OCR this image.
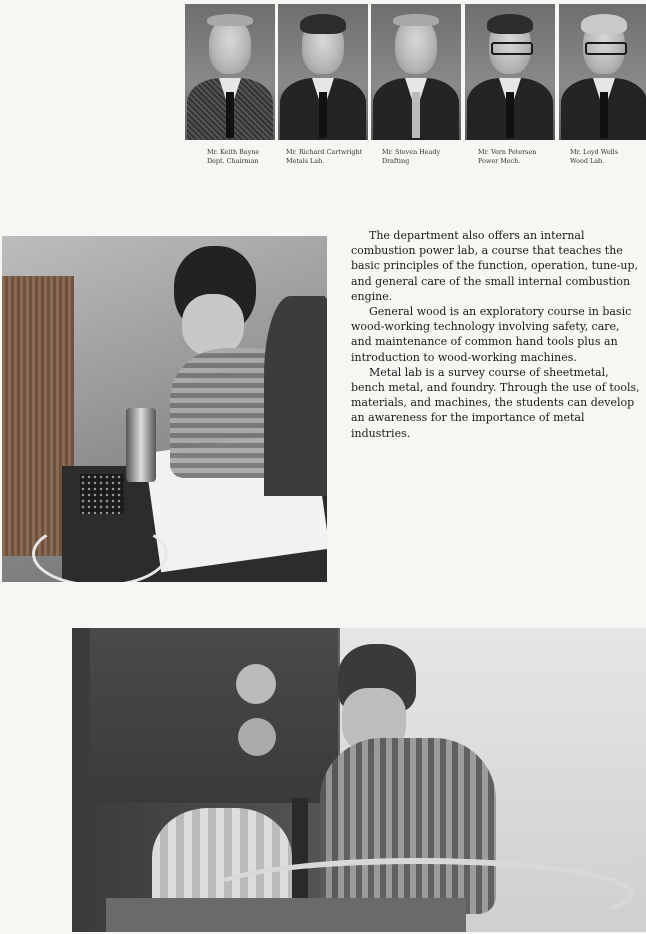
Mr. Keith Bayne
Dept. Chairman
Mr. Richard Cartwright
Metals Lab.
Mr. Steven Heady
Drafting
Mr. Vern Petersen
Power Mech.
Mr. Loyd Wells
Wood Lab.

The department also offers an internal combustion power lab, a course that teaches the basic principles of the function, operation, tune-up, and general care of the small internal combustion engine.

General wood is an exploratory course in basic wood-working technology involving safety, care, and maintenance of common hand tools plus an introduction to wood-working machines.

Metal lab is a survey course of sheetmetal, bench metal, and foundry. Through the use of tools, materials, and machines, the students can develop an awareness for the importance of metal industries.
